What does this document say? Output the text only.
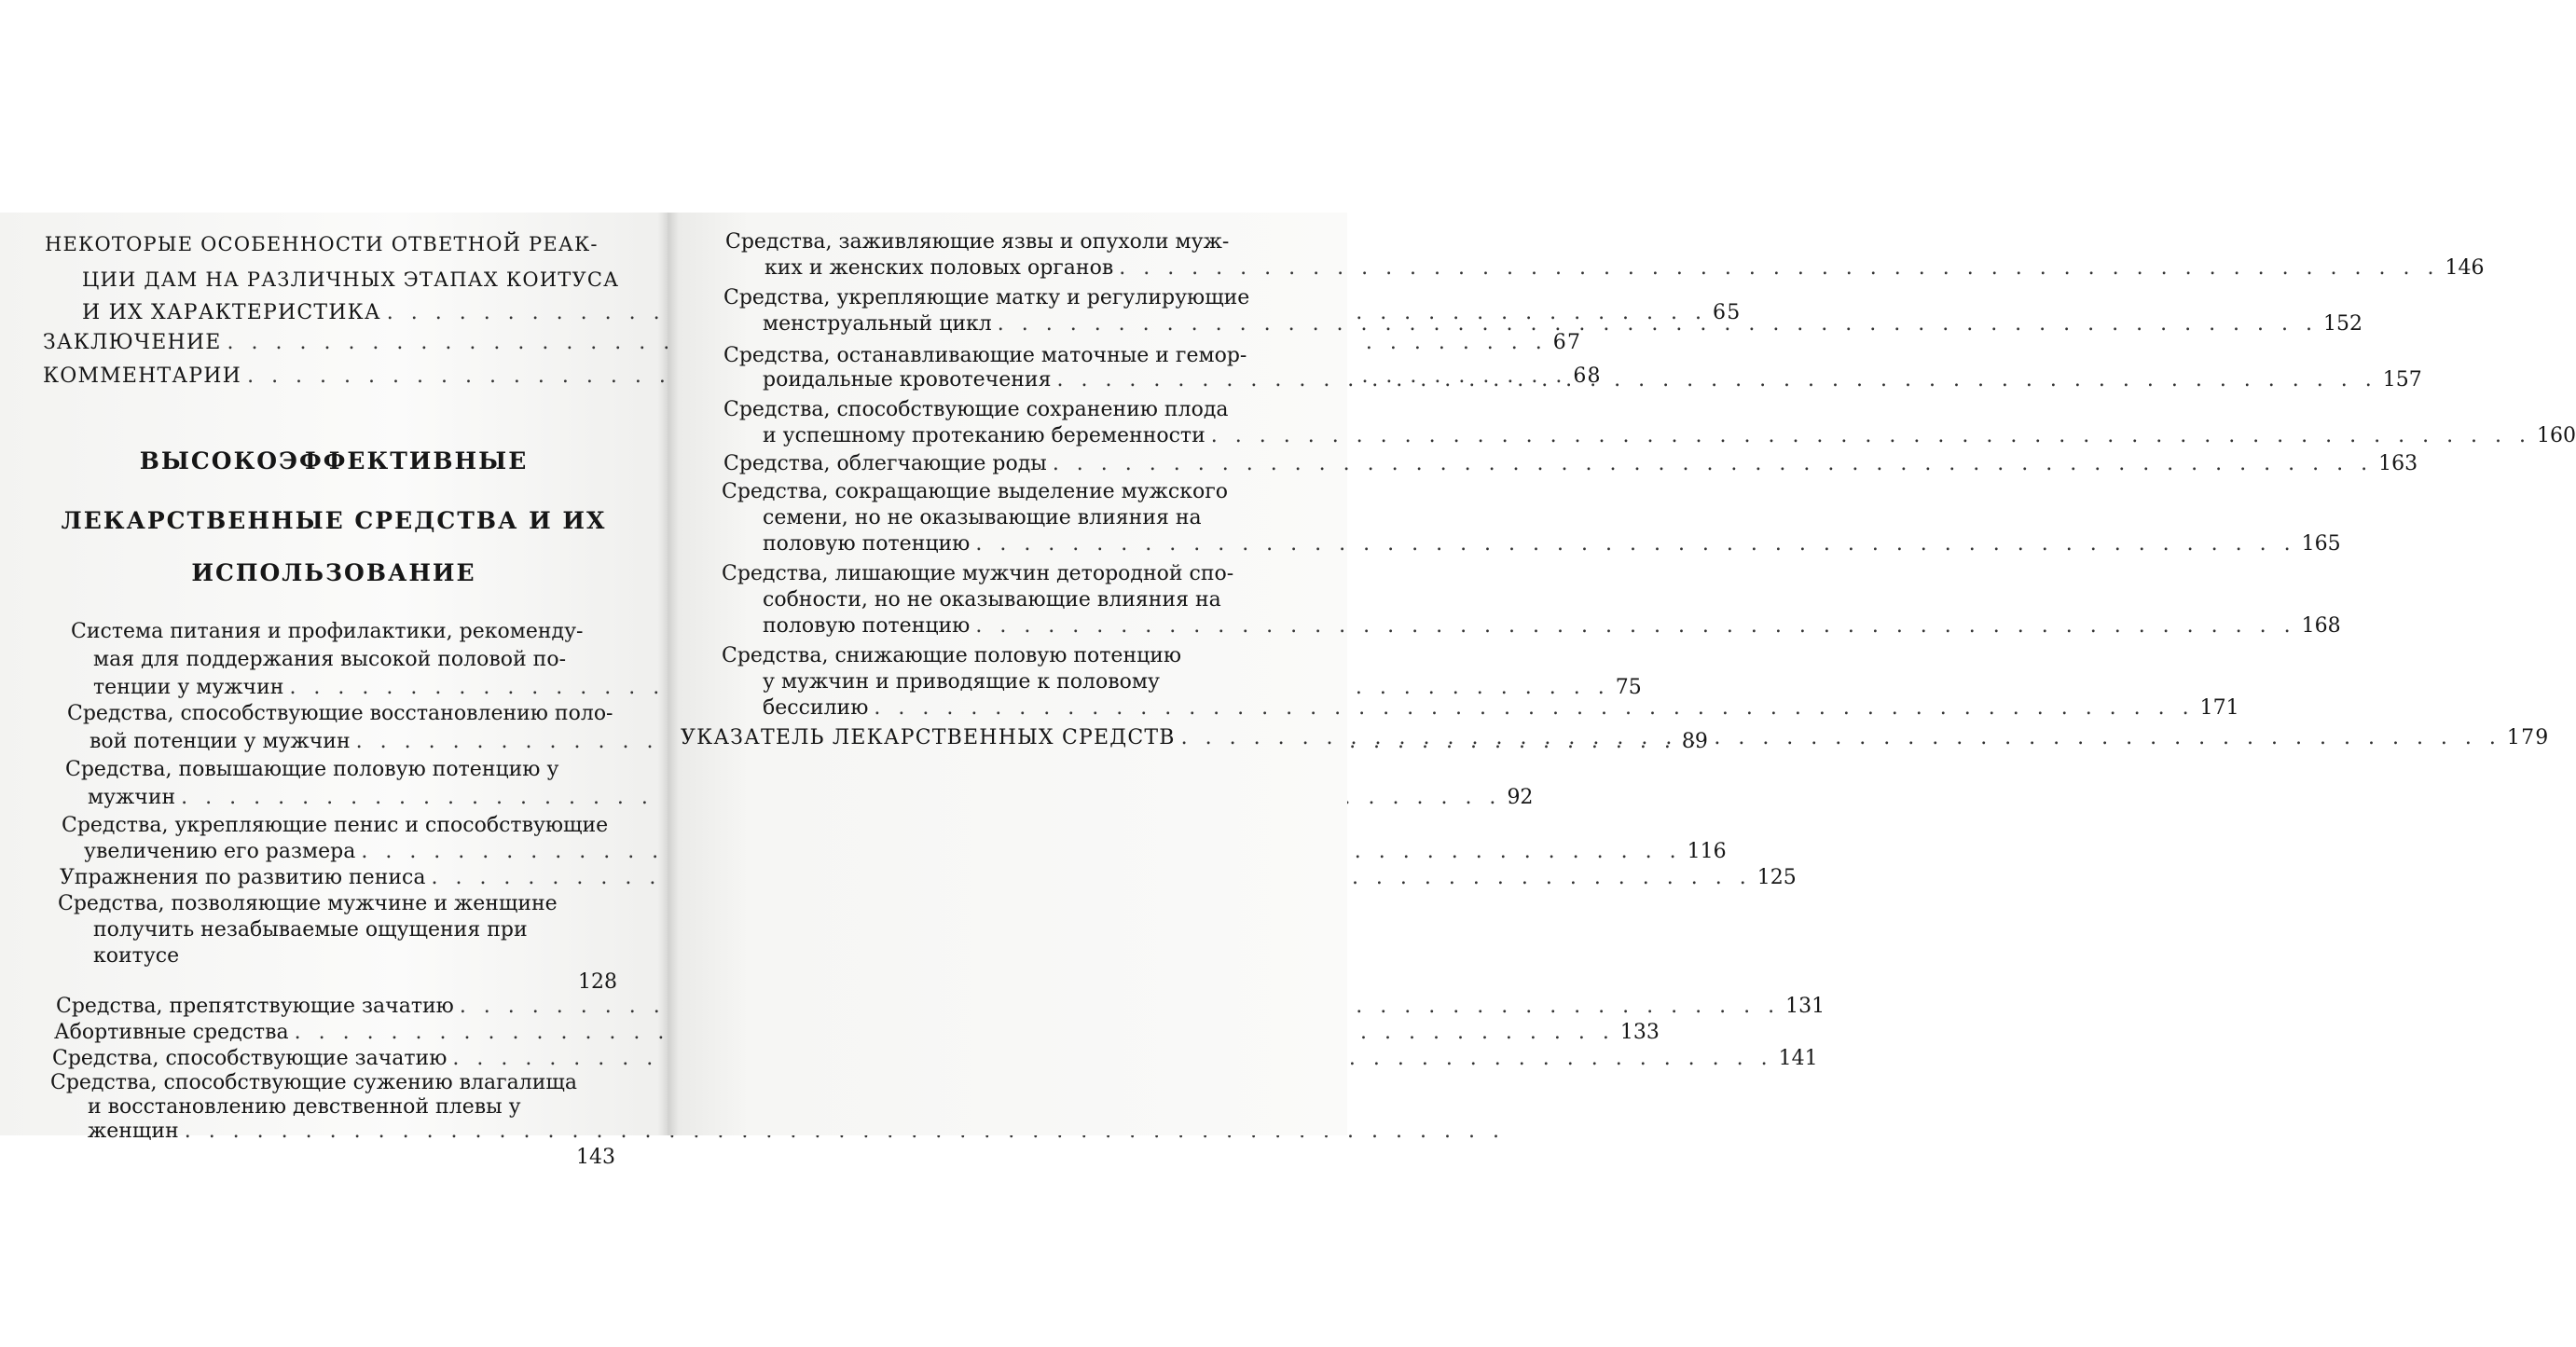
НЕКОТОРЫЕ ОСОБЕННОСТИ ОТВЕТНОЙ РЕАК-
ЦИИ ДАМ НА РАЗЛИЧНЫХ ЭТАПАХ КОИТУСА
И ИХ ХАРАКТЕРИСТИКА . . .	65
ЗАКЛЮЧЕНИЕ . . .	67
КОММЕНТАРИИ . . .	68
ВЫСОКОЭФФЕКТИВНЫЕ
ЛЕКАРСТВЕННЫЕ СРЕДСТВА И ИХ
ИСПОЛЬЗОВАНИЕ
Система питания и профилактики, рекоменду-
мая для поддержания высокой половой по-
тенции у мужчин . . .	75
Средства, способствующие восстановлению поло-
вой потенции у мужчин . . .	89
Средства, повышающие половую потенцию у
мужчин . . .	92
Средства, укрепляющие пенис и способствующие
увеличению его размера . . .	116
Упражнения по развитию пениса . . .	125
Средства, позволяющие мужчине и женщине
получить незабываемые ощущения при
коитусе
128
Средства, препятствующие зачатию . . .	131
Абортивные средства . . .	133
Средства, способствующие зачатию . . .	141
Средства, способствующие сужению влагалища
и восстановлению девственной плевы у
женщин
. . .
143
Средства, заживляющие язвы и опухоли муж-
ких и женских половых органов . . .	146
Средства, укрепляющие матку и регулирующие
менструальный цикл . . .	152
Средства, останавливающие маточные и гемор-
роидальные кровотечения . . .	157
Средства, способствующие сохранению плода
и успешному протеканию беременности . . .	160
Средства, облегчающие роды . . .	163
Средства, сокращающие выделение мужского
семени, но не оказывающие влияния на
половую потенцию . . .	165
Средства, лишающие мужчин детородной спо-
собности, но не оказывающие влияния на
половую потенцию . . .	168
Средства, снижающие половую потенцию
у мужчин и приводящие к половому
бессилию . . .	171
УКАЗАТЕЛЬ ЛЕКАРСТВЕННЫХ СРЕДСТВ . . .	179
